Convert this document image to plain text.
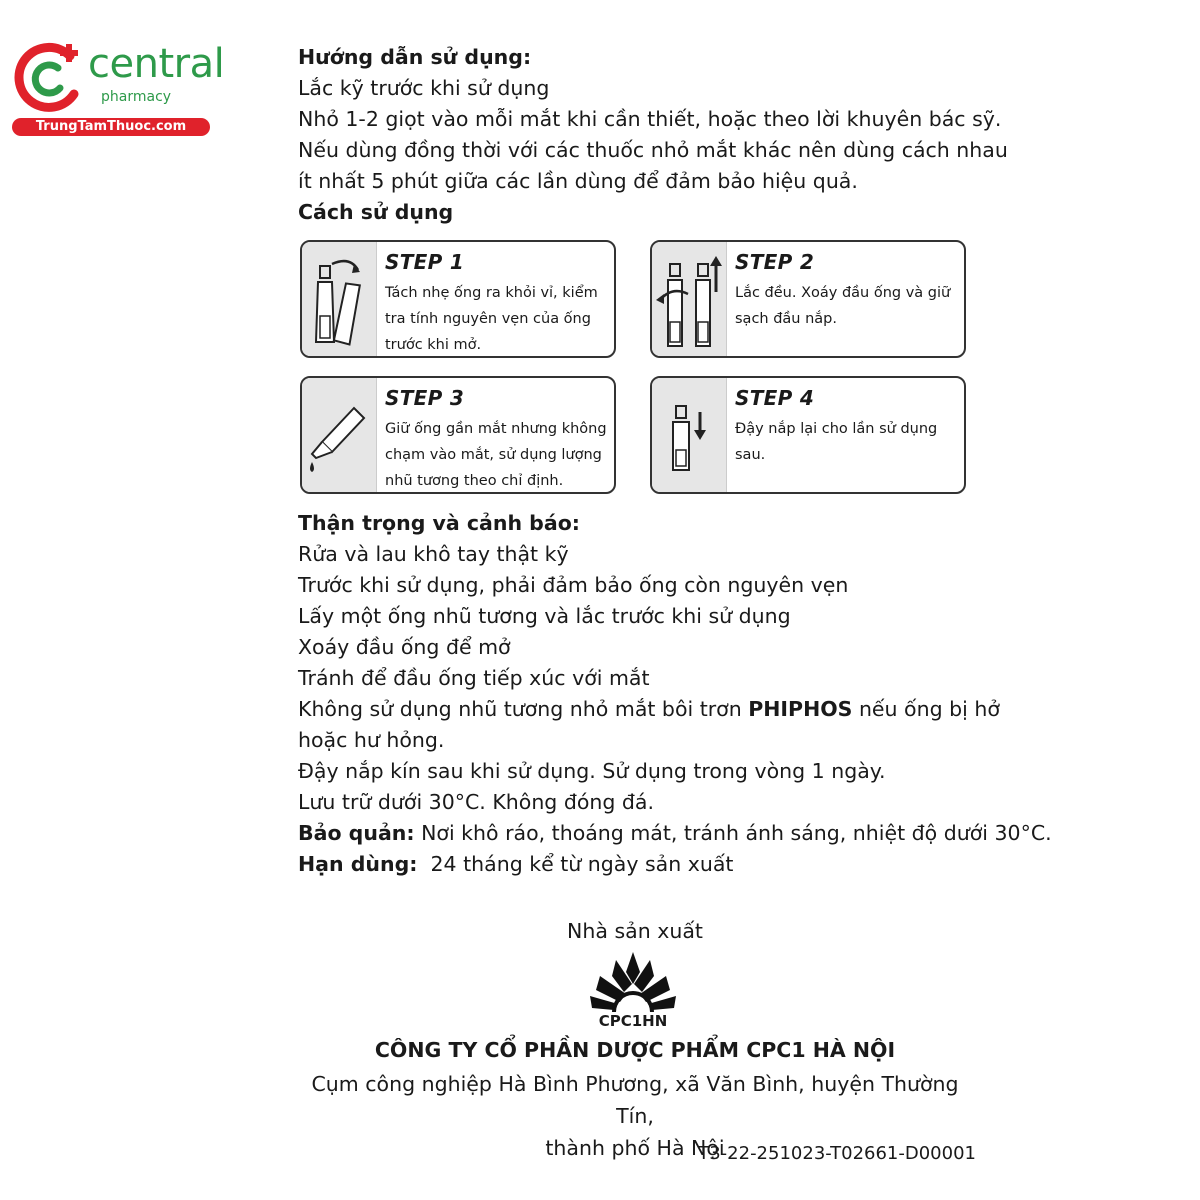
central
pharmacy
TrungTamThuoc.com

Hướng dẫn sử dụng:

Lắc kỹ trước khi sử dụng

Nhỏ 1-2 giọt vào mỗi mắt khi cần thiết, hoặc theo lời khuyên bác sỹ.

Nếu dùng đồng thời với các thuốc nhỏ mắt khác nên dùng cách nhau

ít nhất 5 phút giữa các lần dùng để đảm bảo hiệu quả.

Cách sử dụng

STEP 1
Tách nhẹ ống ra khỏi vỉ, kiểm tra tính nguyên vẹn của ống trước khi mở.
STEP 2
Lắc đều. Xoáy đầu ống và giữ sạch đầu nắp.
STEP 3
Giữ ống gần mắt nhưng không chạm vào mắt, sử dụng lượng nhũ tương theo chỉ định.
STEP 4
Đậy nắp lại cho lần sử dụng sau.

Thận trọng và cảnh báo:

Rửa và lau khô tay thật kỹ

Trước khi sử dụng, phải đảm bảo ống còn nguyên vẹn

Lấy một ống nhũ tương và lắc trước khi sử dụng

Xoáy đầu ống để mở

Tránh để đầu ống tiếp xúc với mắt

Không sử dụng nhũ tương nhỏ mắt bôi trơn PHIPHOS nếu ống bị hở

hoặc hư hỏng.

Đậy nắp kín sau khi sử dụng. Sử dụng trong vòng 1 ngày.

Lưu trữ dưới 30°C. Không đóng đá.

Bảo quản: Nơi khô ráo, thoáng mát, tránh ánh sáng, nhiệt độ dưới 30°C.

Hạn dùng:  24 tháng kể từ ngày sản xuất

Nhà sản xuất

CPC1HN
CÔNG TY CỔ PHẦN DƯỢC PHẨM CPC1 HÀ NỘI

Cụm công nghiệp Hà Bình Phương, xã Văn Bình, huyện Thường Tín,

thành phố Hà Nội

T3-22-251023-T02661-D00001
